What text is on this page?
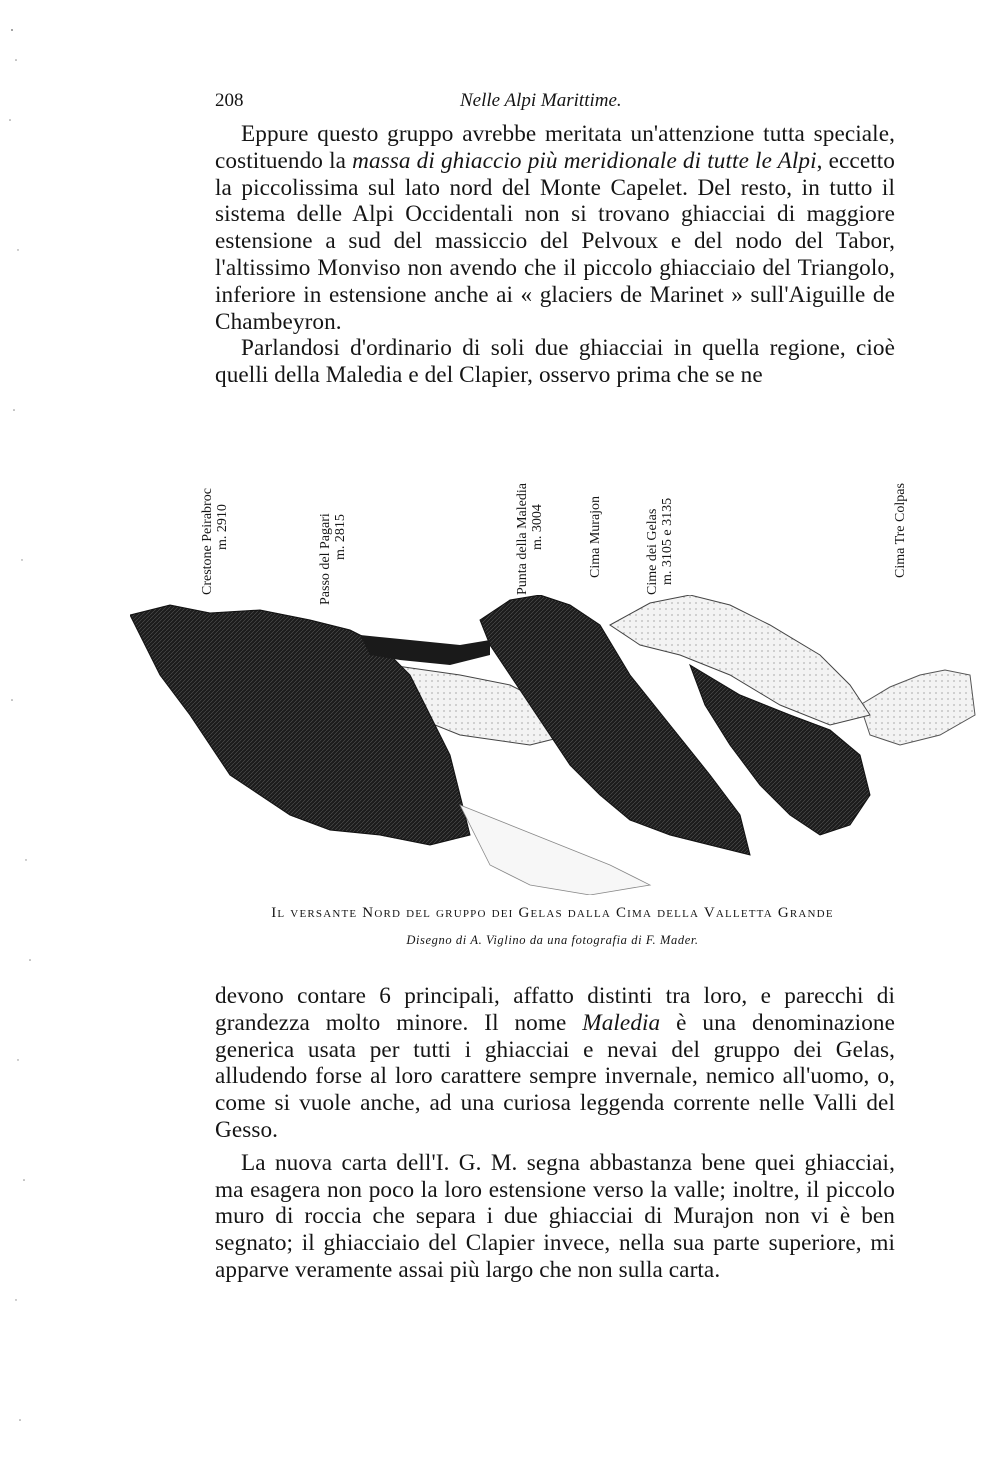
208	Nelle Alpi Marittime.

Eppure questo gruppo avrebbe meritata un'attenzione tutta speciale, costituendo la massa di ghiaccio più meridionale di tutte le Alpi, eccetto la piccolissima sul lato nord del Monte Capelet. Del resto, in tutto il sistema delle Alpi Occidentali non si trovano ghiacciai di maggiore estensione a sud del massiccio del Pelvoux e del nodo del Tabor, l'altissimo Monviso non avendo che il piccolo ghiacciaio del Triangolo, inferiore in estensione anche ai « glaciers de Marinet » sull'Aiguille de Chambeyron.

Parlandosi d'ordinario di soli due ghiacciai in quella regione, cioè quelli della Maledia e del Clapier, osservo prima che se ne

Crestone Peirabroc m. 2910	Passo del Pagari m. 2815	Punta della Maledia m. 3004	Cima Murajon	Cime dei Gelas m. 3105 e 3135	Cima Tre Colpas
Il versante Nord del gruppo dei Gelas dalla Cima della Valletta Grande
Disegno di A. Viglino da una fotografia di F. Mader.

devono contare 6 principali, affatto distinti tra loro, e parecchi di grandezza molto minore. Il nome Maledia è una denominazione generica usata per tutti i ghiacciai e nevai del gruppo dei Gelas, alludendo forse al loro carattere sempre invernale, nemico all'uomo, o, come si vuole anche, ad una curiosa leggenda corrente nelle Valli del Gesso.

La nuova carta dell'I. G. M. segna abbastanza bene quei ghiacciai, ma esagera non poco la loro estensione verso la valle; inoltre, il piccolo muro di roccia che separa i due ghiacciai di Murajon non vi è ben segnato; il ghiacciaio del Clapier invece, nella sua parte superiore, mi apparve veramente assai più largo che non sulla carta.
